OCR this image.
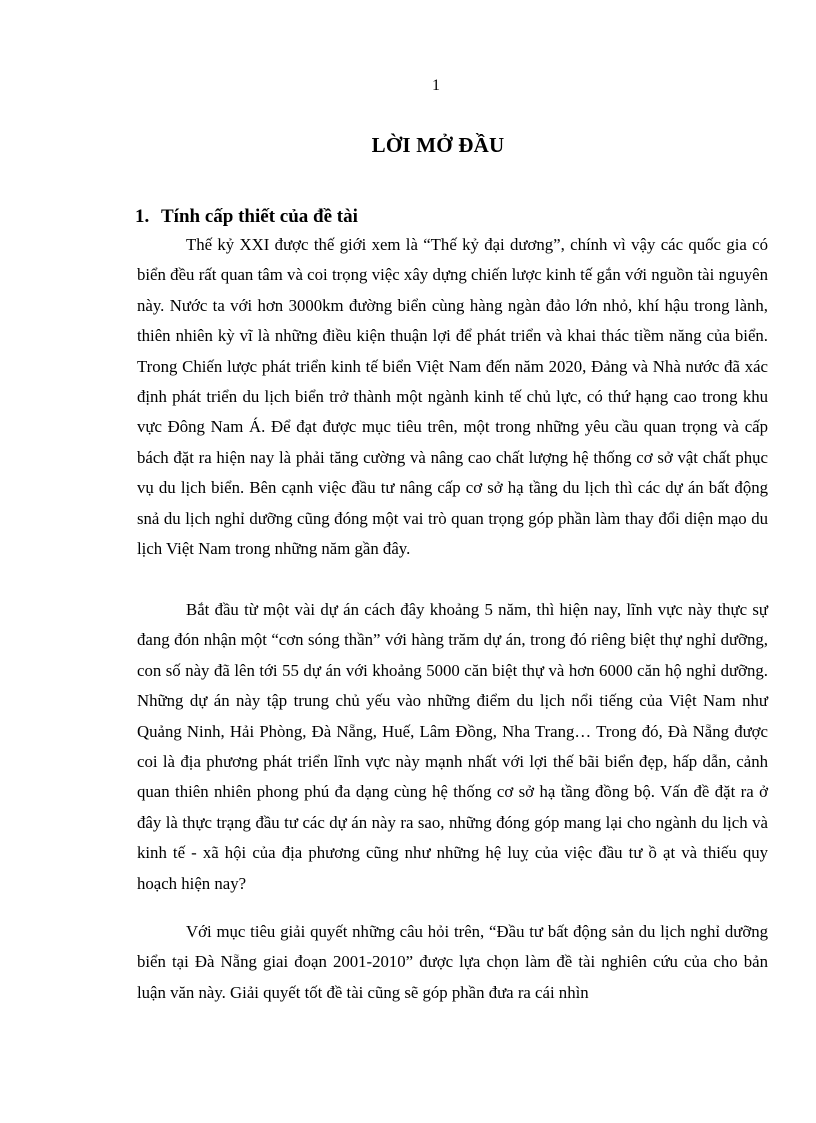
1

LỜI MỞ ĐẦU
1. Tính cấp thiết của đề tài

Thế kỷ XXI được thế giới xem là “Thế kỷ đại dương”, chính vì vậy các quốc gia có biển đều rất quan tâm và coi trọng việc xây dựng chiến lược kinh tế gắn với nguồn tài nguyên này. Nước ta với hơn 3000km đường biển cùng hàng ngàn đảo lớn nhỏ, khí hậu trong lành, thiên nhiên kỳ vĩ là những điều kiện thuận lợi để phát triển và khai thác tiềm năng của biển. Trong Chiến lược phát triển kinh tế biển Việt Nam đến năm 2020, Đảng và Nhà nước đã xác định phát triển du lịch biển trở thành một ngành kinh tế chủ lực, có thứ hạng cao trong khu vực Đông Nam Á. Để đạt được mục tiêu trên, một trong những yêu cầu quan trọng và cấp bách đặt ra hiện nay là phải tăng cường và nâng cao chất lượng hệ thống cơ sở vật chất phục vụ du lịch biển. Bên cạnh việc đầu tư nâng cấp cơ sở hạ tầng du lịch thì các dự án bất động snả du lịch nghỉ dưỡng cũng đóng một vai trò quan trọng góp phần làm thay đổi diện mạo du lịch Việt Nam trong những năm gần đây.

Bắt đầu từ một vài dự án cách đây khoảng 5 năm, thì hiện nay, lĩnh vực này thực sự đang đón nhận một “cơn sóng thần” với hàng trăm dự án, trong đó riêng biệt thự nghỉ dưỡng, con số này đã lên tới 55 dự án với khoảng 5000 căn biệt thự và hơn 6000 căn hộ nghỉ dưỡng. Những dự án này tập trung chủ yếu vào những điểm du lịch nổi tiếng của Việt Nam như Quảng Ninh, Hải Phòng, Đà Nẵng, Huế, Lâm Đồng, Nha Trang… Trong đó, Đà Nẵng được coi là địa phương phát triển lĩnh vực này mạnh nhất với lợi thế bãi biển đẹp, hấp dẫn, cảnh quan thiên nhiên phong phú đa dạng cùng hệ thống cơ sở hạ tầng đồng bộ. Vấn đề đặt ra ở đây là thực trạng đầu tư các dự án này ra sao, những đóng góp mang lại cho ngành du lịch và kinh tế - xã hội của địa phương cũng như những hệ luỵ của việc đầu tư ồ ạt và thiếu quy hoạch hiện nay?

Với mục tiêu giải quyết những câu hỏi trên, “Đầu tư bất động sản du lịch nghỉ dưỡng biển tại Đà Nẵng giai đoạn 2001-2010” được lựa chọn làm đề tài nghiên cứu của cho bản luận văn này. Giải quyết tốt đề tài cũng sẽ góp phần đưa ra cái nhìn
